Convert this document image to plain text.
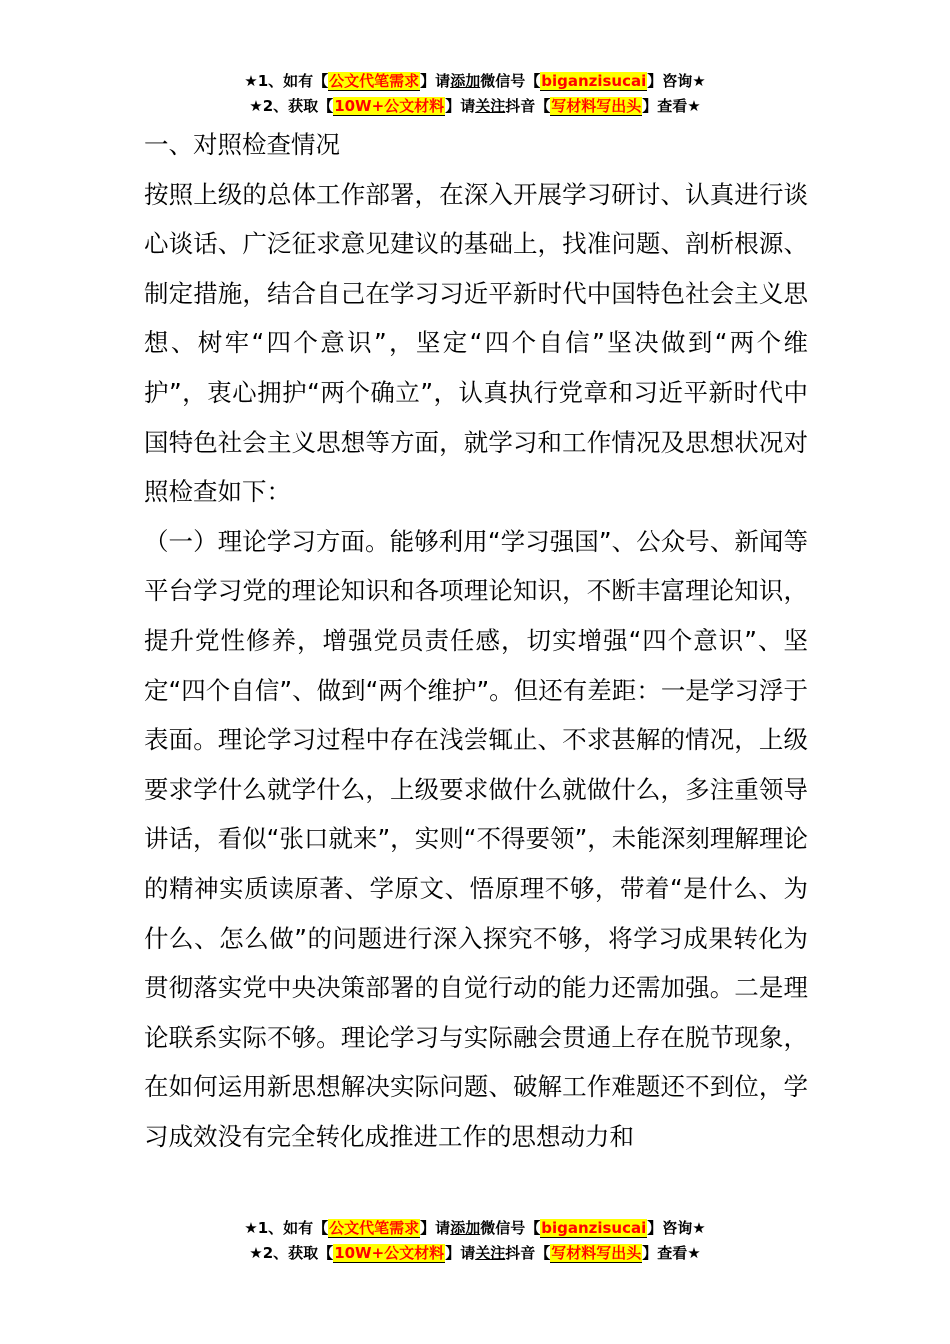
★1、如有【公文代笔需求】请添加微信号【biganzisucai】咨询★
★2、获取【10W+公文材料】请关注抖音【写材料写出头】查看★

一、对照检查情况

按照上级的总体工作部署，在深入开展学习研讨、认真进行谈心谈话、广泛征求意见建议的基础上，找准问题、剖析根源、制定措施，结合自己在学习习近平新时代中国特色社会主义思想、树牢“四个意识”，坚定“四个自信”坚决做到“两个维护”，衷心拥护“两个确立”，认真执行党章和习近平新时代中国特色社会主义思想等方面，就学习和工作情况及思想状况对照检查如下：

（一）理论学习方面。能够利用“学习强国”、公众号、新闻等平台学习党的理论知识和各项理论知识，不断丰富理论知识，提升党性修养，增强党员责任感，切实增强“四个意识”、坚定“四个自信”、做到“两个维护”。但还有差距：一是学习浮于表面。理论学习过程中存在浅尝辄止、不求甚解的情况，上级要求学什么就学什么，上级要求做什么就做什么，多注重领导讲话，看似“张口就来”，实则“不得要领”，未能深刻理解理论的精神实质读原著、学原文、悟原理不够，带着“是什么、为什么、怎么做”的问题进行深入探究不够，将学习成果转化为贯彻落实党中央决策部署的自觉行动的能力还需加强。二是理论联系实际不够。理论学习与实际融会贯通上存在脱节现象，在如何运用新思想解决实际问题、破解工作难题还不到位，学习成效没有完全转化成推进工作的思想动力和

★1、如有【公文代笔需求】请添加微信号【biganzisucai】咨询★
★2、获取【10W+公文材料】请关注抖音【写材料写出头】查看★
